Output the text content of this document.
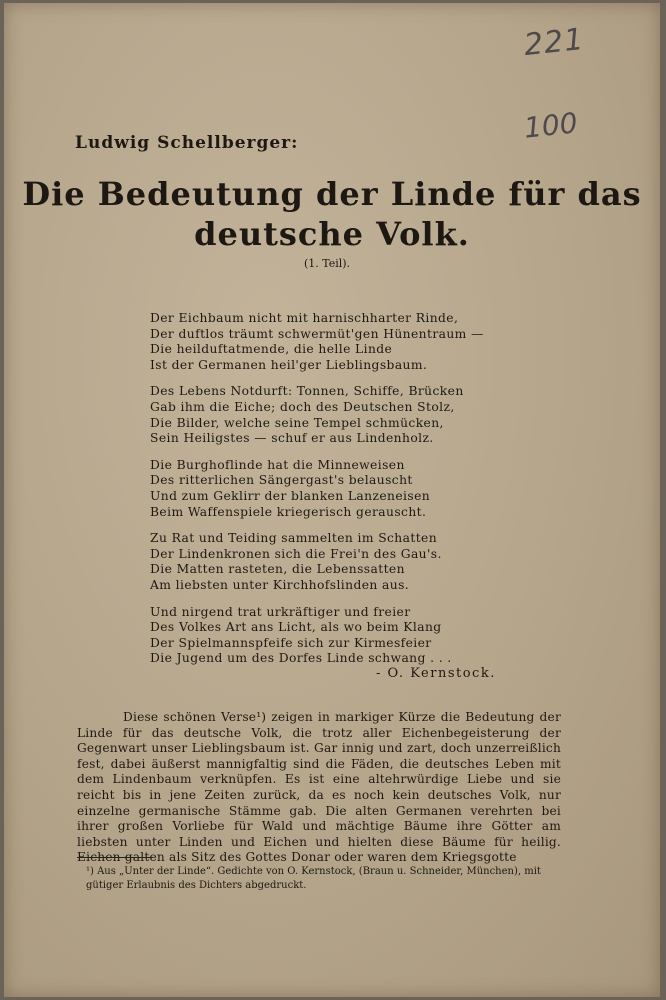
221
100
Ludwig Schellberger:
Die Bedeutung der Linde für das
deutsche Volk.
(1. Teil).
Der Eichbaum nicht mit harnischharter Rinde,
Der duftlos träumt schwermüt'gen Hünentraum —
Die heilduftatmende, die helle Linde
Ist der Germanen heil'ger Lieblingsbaum.
Des Lebens Notdurft: Tonnen, Schiffe, Brücken
Gab ihm die Eiche; doch des Deutschen Stolz,
Die Bilder, welche seine Tempel schmücken,
Sein Heiligstes — schuf er aus Lindenholz.
Die Burghoflinde hat die Minneweisen
Des ritterlichen Sängergast's belauscht
Und zum Geklirr der blanken Lanzeneisen
Beim Waffenspiele kriegerisch gerauscht.
Zu Rat und Teiding sammelten im Schatten
Der Lindenkronen sich die Frei'n des Gau's.
Die Matten rasteten, die Lebenssatten
Am liebsten unter Kirchhofslinden aus.
Und nirgend trat urkräftiger und freier
Des Volkes Art ans Licht, als wo beim Klang
Der Spielmannspfeife sich zur Kirmesfeier
Die Jugend um des Dorfes Linde schwang . . .
- O. Kernstock.

Diese schönen Verse¹) zeigen in markiger Kürze die Bedeutung der Linde für das deutsche Volk, die trotz aller Eichenbegeisterung der Gegenwart unser Lieblingsbaum ist. Gar innig und zart, doch unzerreißlich fest, dabei äußerst mannigfaltig sind die Fäden, die deutsches Leben mit dem Lindenbaum verknüpfen. Es ist eine altehrwürdige Liebe und sie reicht bis in jene Zeiten zurück, da es noch kein deutsches Volk, nur einzelne germanische Stämme gab. Die alten Germanen verehrten bei ihrer großen Vorliebe für Wald und mächtige Bäume ihre Götter am liebsten unter Linden und Eichen und hielten diese Bäume für heilig. Eichen galten als Sitz des Gottes Donar oder waren dem Kriegsgotte

¹) Aus „Unter der Linde“. Gedichte von O. Kernstock, (Braun u. Schneider, München), mit gütiger Erlaubnis des Dichters abgedruckt.
